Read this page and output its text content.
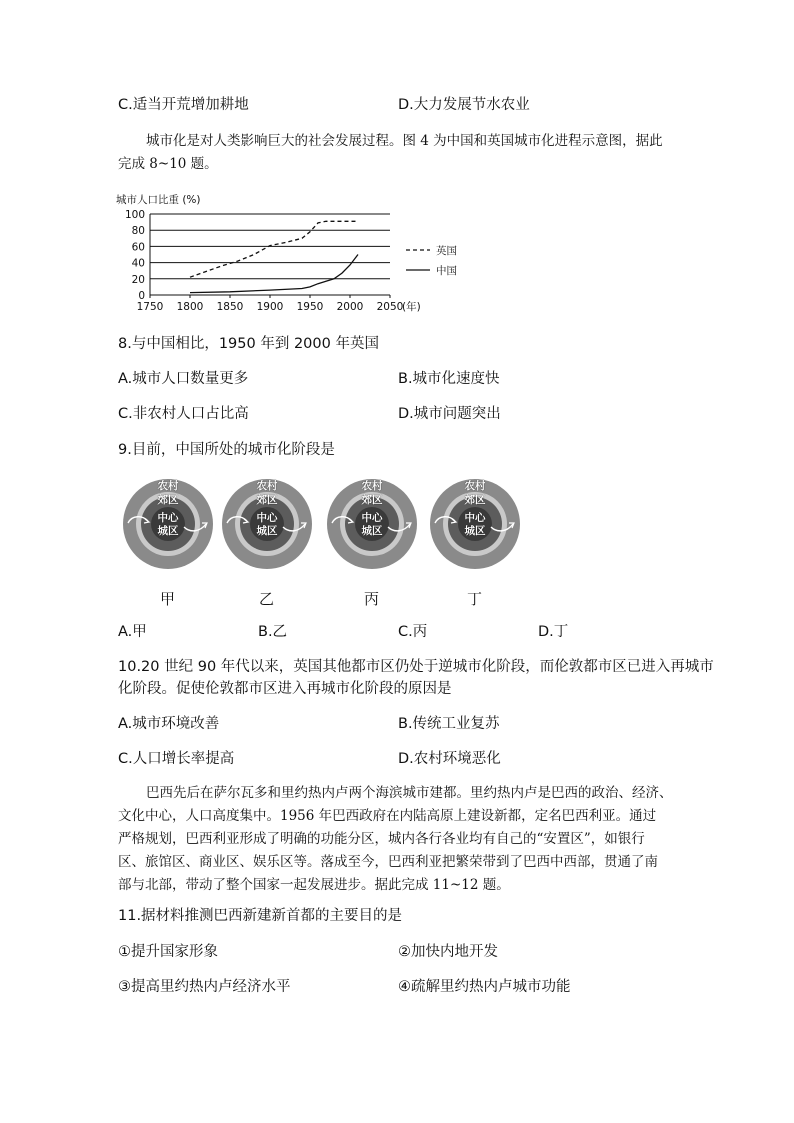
C.适当开荒增加耕地	D.大力发展节水农业
城市化是对人类影响巨大的社会发展过程。图 4 为中国和英国城市化进程示意图，据此
完成 8~10 题。
城市人口比重 (%)
0
20
40
60
80
100
1750 1800 1850 1900 1950 2000 2050
(年)
英国
中国
8.与中国相比，1950 年到 2000 年英国
A.城市人口数量更多	B.城市化速度快
C.非农村人口占比高	D.城市问题突出
9.目前，中国所处的城市化阶段是
农村
郊区
中心
城区
甲
农村
郊区
中心
城区
乙
农村
郊区
中心
城区
丙
农村
郊区
中心
城区
丁
A.甲	B.乙	C.丙	D.丁
10.20 世纪 90 年代以来，英国其他都市区仍处于逆城市化阶段，而伦敦都市区已进入再城市
化阶段。促使伦敦都市区进入再城市化阶段的原因是
A.城市环境改善	B.传统工业复苏
C.人口增长率提高	D.农村环境恶化
巴西先后在萨尔瓦多和里约热内卢两个海滨城市建都。里约热内卢是巴西的政治、经济、
文化中心，人口高度集中。1956 年巴西政府在内陆高原上建设新都，定名巴西利亚。通过
严格规划，巴西利亚形成了明确的功能分区，城内各行各业均有自己的“安置区”，如银行
区、旅馆区、商业区、娱乐区等。落成至今，巴西利亚把繁荣带到了巴西中西部，贯通了南
部与北部，带动了整个国家一起发展进步。据此完成 11~12 题。
11.据材料推测巴西新建新首都的主要目的是
①提升国家形象	②加快内地开发
③提高里约热内卢经济水平	④疏解里约热内卢城市功能
